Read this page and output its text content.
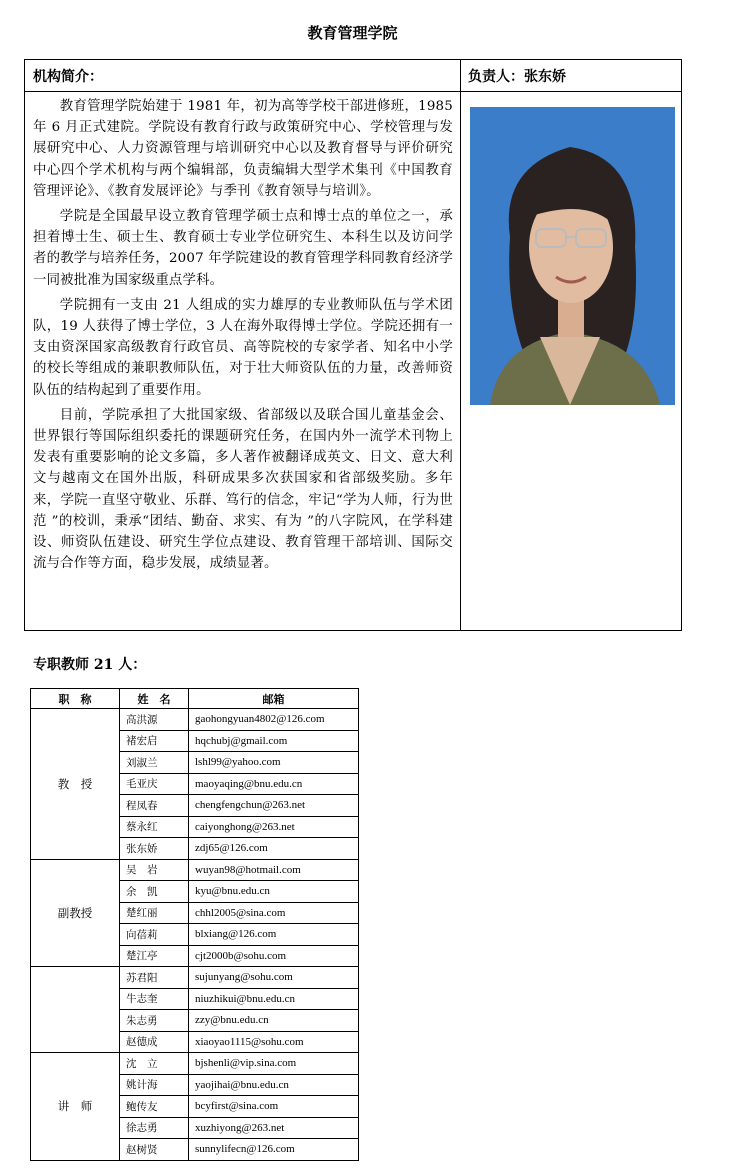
教育管理学院
机构简介：	负责人：张东娇

教育管理学院始建于 1981 年，初为高等学校干部进修班，1985 年 6 月正式建院。学院设有教育行政与政策研究中心、学校管理与发展研究中心、人力资源管理与培训研究中心以及教育督导与评价研究中心四个学术机构与两个编辑部，负责编辑大型学术集刊《中国教育管理评论》、《教育发展评论》与季刊《教育领导与培训》。

学院是全国最早设立教育管理学硕士点和博士点的单位之一，承担着博士生、硕士生、教育硕士专业学位研究生、本科生以及访问学者的教学与培养任务，2007 年学院建设的教育管理学科同教育经济学一同被批准为国家级重点学科。

学院拥有一支由 21 人组成的实力雄厚的专业教师队伍与学术团队，19 人获得了博士学位，3 人在海外取得博士学位。学院还拥有一支由资深国家高级教育行政官员、高等院校的专家学者、知名中小学的校长等组成的兼职教师队伍，对于壮大师资队伍的力量，改善师资队伍的结构起到了重要作用。

目前，学院承担了大批国家级、省部级以及联合国儿童基金会、世界银行等国际组织委托的课题研究任务，在国内外一流学术刊物上发表有重要影响的论文多篇，多人著作被翻译成英文、日文、意大利文与越南文在国外出版，科研成果多次获国家和省部级奖励。多年来，学院一直坚守敬业、乐群、笃行的信念，牢记“学为人师，行为世范 ”的校训，秉承“团结、勤奋、求实、有为 ”的八字院风，在学科建设、师资队伍建设、研究生学位点建设、教育管理干部培训、国际交流与合作等方面，稳步发展，成绩显著。

专职教师 21 人：
职　称	姓　名	邮箱
教　授	高洪源	gaohongyuan4802@126.com
	褚宏启	hqchubj@gmail.com
	刘淑兰	lshl99@yahoo.com
	毛亚庆	maoyaqing@bnu.edu.cn
	程凤春	chengfengchun@263.net
	蔡永红	caiyonghong@263.net
	张东娇	zdj65@126.com
副教授	吴　岩	wuyan98@hotmail.com
	余　凯	kyu@bnu.edu.cn
	楚红丽	chhl2005@sina.com
	向蓓莉	blxiang@126.com
	楚江亭	cjt2000b@sohu.com
	苏君阳	sujunyang@sohu.com
	牛志奎	niuzhikui@bnu.edu.cn
	朱志勇	zzy@bnu.edu.cn
	赵德成	xiaoyao1115@sohu.com
讲　师	沈　立	bjshenli@vip.sina.com
	姚计海	yaojihai@bnu.edu.cn
	鲍传友	bcyfirst@sina.com
	徐志勇	xuzhiyong@263.net
	赵树贤	sunnylifecn@126.com
